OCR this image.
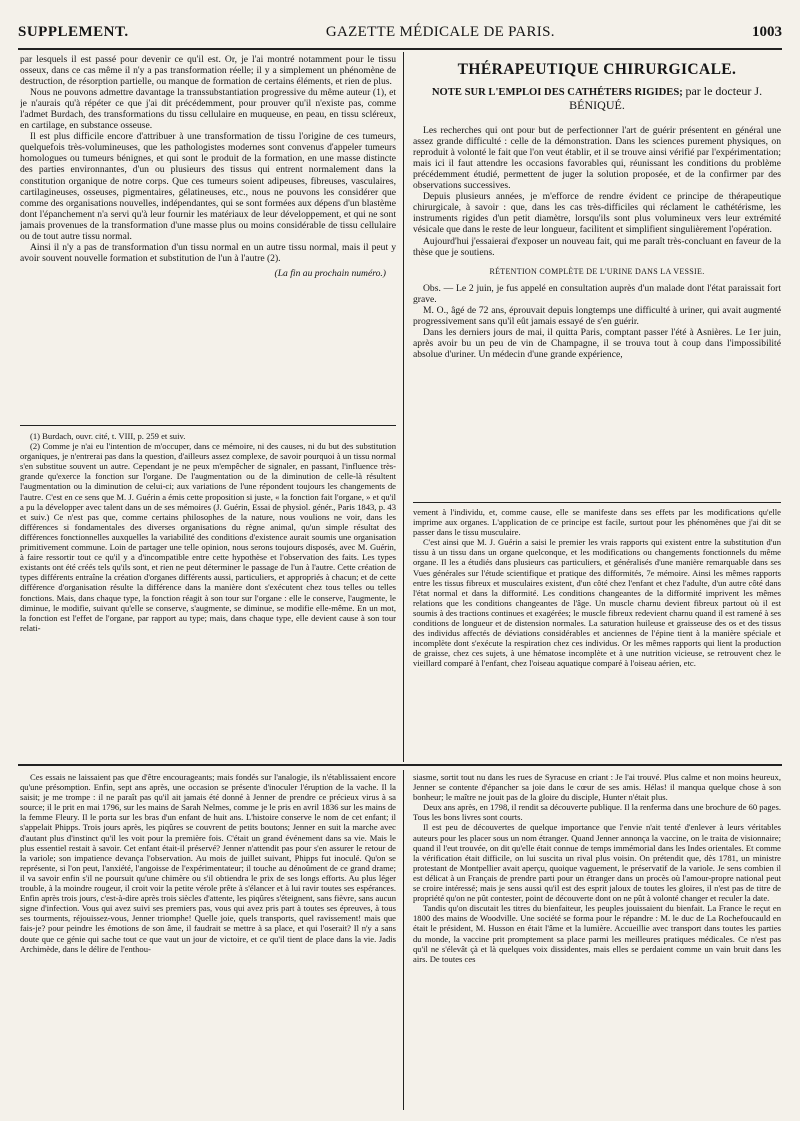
SUPPLEMENT.	GAZETTE MÉDICALE DE PARIS.	1003

par lesquels il est passé pour devenir ce qu'il est. Or, je l'ai montré notamment pour le tissu osseux, dans ce cas même il n'y a pas transformation réelle; il y a simplement un phénomène de destruction, de résorption partielle, ou manque de formation de certains éléments, et rien de plus.

Nous ne pouvons admettre davantage la transsubstantiation progressive du même auteur (1), et je n'aurais qu'à répéter ce que j'ai dit précédemment, pour prouver qu'il n'existe pas, comme l'admet Burdach, des transformations du tissu cellulaire en muqueuse, en peau, en tissu scléreux, en cartilage, en substance osseuse.

Il est plus difficile encore d'attribuer à une transformation de tissu l'origine de ces tumeurs, quelquefois très-volumineuses, que les pathologistes modernes sont convenus d'appeler tumeurs homologues ou tumeurs bénignes, et qui sont le produit de la formation, en une masse distincte des parties environnantes, d'un ou plusieurs des tissus qui entrent normalement dans la constitution organique de notre corps. Que ces tumeurs soient adipeuses, fibreuses, vasculaires, cartilagineuses, osseuses, pigmentaires, gélatineuses, etc., nous ne pouvons les considérer que comme des organisations nouvelles, indépendantes, qui se sont formées aux dépens d'un blastème dont l'épanchement n'a servi qu'à leur fournir les matériaux de leur développement, et qui ne sont jamais provenues de la transformation d'une masse plus ou moins considérable de tissu cellulaire ou de tout autre tissu normal.

Ainsi il n'y a pas de transformation d'un tissu normal en un autre tissu normal, mais il peut y avoir souvent nouvelle formation et substitution de l'un à l'autre (2).

(La fin au prochain numéro.)

(1) Burdach, ouvr. cité, t. VIII, p. 259 et suiv.

(2) Comme je n'ai eu l'intention de m'occuper, dans ce mémoire, ni des causes, ni du but des substitution organiques, je n'entrerai pas dans la question, d'ailleurs assez complexe, de savoir pourquoi à un tissu normal s'en substitue souvent un autre. Cependant je ne peux m'empêcher de signaler, en passant, l'influence très-grande qu'exerce la fonction sur l'organe. De l'augmentation ou de la diminution de celle-là résultent l'augmentation ou la diminution de celui-ci; aux variations de l'une répondent toujours les changements de l'autre. C'est en ce sens que M. J. Guérin a émis cette proposition si juste, « la fonction fait l'organe, » et qu'il a pu la développer avec talent dans un de ses mémoires (J. Guérin, Essai de physiol. génér., Paris 1843, p. 43 et suiv.) Ce n'est pas que, comme certains philosophes de la nature, nous voulions ne voir, dans les différences si fondamentales des diverses organisations du règne animal, qu'un simple résultat des différences fonctionnelles auxquelles la variabilité des conditions d'existence aurait soumis une organisation primitivement commune. Loin de partager une telle opinion, nous serons toujours disposés, avec M. Guérin, à faire ressortir tout ce qu'il y a d'incompatible entre cette hypothèse et l'observation des faits. Les types existants ont été créés tels qu'ils sont, et rien ne peut déterminer le passage de l'un à l'autre. Cette création de types différents entraîne la création d'organes différents aussi, particuliers, et appropriés à chacun; et de cette différence d'organisation résulte la différence dans la manière dont s'exécutent chez tous telles ou telles fonctions. Mais, dans chaque type, la fonction réagit à son tour sur l'organe : elle le conserve, l'augmente, le diminue, le modifie, suivant qu'elle se conserve, s'augmente, se diminue, se modifie elle-même. En un mot, la fonction est l'effet de l'organe, par rapport au type; mais, dans chaque type, elle devient cause à son tour relati-

THÉRAPEUTIQUE CHIRURGICALE.
NOTE SUR L'EMPLOI DES CATHÉTERS RIGIDES; par le docteur J. BÉNIQUÉ.

Les recherches qui ont pour but de perfectionner l'art de guérir présentent en général une assez grande difficulté : celle de la démonstration. Dans les sciences purement physiques, on reproduit à volonté le fait que l'on veut établir, et il se trouve ainsi vérifié par l'expérimentation; mais ici il faut attendre les occasions favorables qui, réunissant les conditions du problème précédemment étudié, permettent de juger la solution proposée, et de la confirmer par des observations successives.

Depuis plusieurs années, je m'efforce de rendre évident ce principe de thérapeutique chirurgicale, à savoir : que, dans les cas très-difficiles qui réclament le cathétérisme, les instruments rigides d'un petit diamètre, lorsqu'ils sont plus volumineux vers leur extrémité vésicale que dans le reste de leur longueur, facilitent et simplifient singulièrement l'opération.

Aujourd'hui j'essaierai d'exposer un nouveau fait, qui me paraît très-concluant en faveur de la thèse que je soutiens.

RÉTENTION COMPLÈTE DE L'URINE DANS LA VESSIE.

Obs. — Le 2 juin, je fus appelé en consultation auprès d'un malade dont l'état paraissait fort grave.

M. O., âgé de 72 ans, éprouvait depuis longtemps une difficulté à uriner, qui avait augmenté progressivement sans qu'il eût jamais essayé de s'en guérir.

Dans les derniers jours de mai, il quitta Paris, comptant passer l'été à Asnières. Le 1er juin, après avoir bu un peu de vin de Champagne, il se trouva tout à coup dans l'impossibilité absolue d'uriner. Un médecin d'une grande expérience,

vement à l'individu, et, comme cause, elle se manifeste dans ses effets par les modifications qu'elle imprime aux organes. L'application de ce principe est facile, surtout pour les phénomènes que j'ai dit se passer dans le tissu musculaire.

C'est ainsi que M. J. Guérin a saisi le premier les vrais rapports qui existent entre la substitution d'un tissu à un tissu dans un organe quelconque, et les modifications ou changements fonctionnels du même organe. Il les a étudiés dans plusieurs cas particuliers, et généralisés d'une manière remarquable dans ses Vues générales sur l'étude scientifique et pratique des difformités, 7e mémoire. Ainsi les mêmes rapports entre les tissus fibreux et musculaires existent, d'un côté chez l'enfant et chez l'adulte, d'un autre côté dans l'état normal et dans la difformité. Les conditions changeantes de la difformité imprivent les mêmes relations que les conditions changeantes de l'âge. Un muscle charnu devient fibreux partout où il est soumis à des tractions continues et exagérées; le muscle fibreux redevient charnu quand il est ramené à ses conditions de longueur et de distension normales. La saturation huileuse et graisseuse des os et des tissus des individus affectés de déviations considérables et anciennes de l'épine tient à la manière spéciale et incomplète dont s'exécute la respiration chez ces individus. Or les mêmes rapports qui lient la production de graisse, chez ces sujets, à une hématose incomplète et à une nutrition vicieuse, se retrouvent chez le vieillard comparé à l'enfant, chez l'oiseau aquatique comparé à l'oiseau aérien, etc.

Ces essais ne laissaient pas que d'être encourageants; mais fondés sur l'analogie, ils n'établissaient encore qu'une présomption. Enfin, sept ans après, une occasion se présente d'inoculer l'éruption de la vache. Il la saisit; je me trompe : il ne paraît pas qu'il ait jamais été donné à Jenner de prendre ce précieux virus à sa source; il le prit en mai 1796, sur les mains de Sarah Nelmes, comme je le pris en avril 1836 sur les mains de la femme Fleury. Il le porta sur les bras d'un enfant de huit ans. L'histoire conserve le nom de cet enfant; il s'appelait Phipps. Trois jours après, les piqûres se couvrent de petits boutons; Jenner en suit la marche avec d'autant plus d'instinct qu'il les voit pour la première fois. C'était un grand événement dans sa vie. Mais le plus essentiel restait à savoir. Cet enfant était-il préservé? Jenner n'attendit pas pour s'en assurer le retour de la variole; son impatience devança l'observation. Au mois de juillet suivant, Phipps fut inoculé. Qu'on se représente, si l'on peut, l'anxiété, l'angoisse de l'expérimentateur; il touche au dénoûment de ce grand drame; il va savoir enfin s'il ne poursuit qu'une chimère ou s'il obtiendra le prix de ses longs efforts. Au plus léger trouble, à la moindre rougeur, il croit voir la petite vérole prête à s'élancer et à lui ravir toutes ses espérances. Enfin après trois jours, c'est-à-dire après trois siècles d'attente, les piqûres s'éteignent, sans fièvre, sans aucun signe d'infection. Vous qui avez suivi ses premiers pas, vous qui avez pris part à toutes ses épreuves, à tous ses tourments, réjouissez-vous, Jenner triomphe! Quelle joie, quels transports, quel ravissement! mais que fais-je? pour peindre les émotions de son âme, il faudrait se mettre à sa place, et qui l'oserait? Il n'y a sans doute que ce génie qui sache tout ce que vaut un jour de victoire, et ce qu'il tient de place dans la vie. Jadis Archimède, dans le délire de l'enthou-

siasme, sortit tout nu dans les rues de Syracuse en criant : Je l'ai trouvé. Plus calme et non moins heureux, Jenner se contente d'épancher sa joie dans le cœur de ses amis. Hélas! il manqua quelque chose à son bonheur; le maître ne jouit pas de la gloire du disciple, Hunter n'était plus.

Deux ans après, en 1798, il rendit sa découverte publique. Il la renferma dans une brochure de 60 pages. Tous les bons livres sont courts.

Il est peu de découvertes de quelque importance que l'envie n'ait tenté d'enlever à leurs véritables auteurs pour les placer sous un nom étranger. Quand Jenner annonça la vaccine, on le traita de visionnaire; quand il l'eut trouvée, on dit qu'elle était connue de temps immémorial dans les Indes orientales. Et comme la vérification était difficile, on lui suscita un rival plus voisin. On prétendit que, dès 1781, un ministre protestant de Montpellier avait aperçu, quoique vaguement, le préservatif de la variole. Je sens combien il est délicat à un Français de prendre parti pour un étranger dans un procès où l'amour-propre national peut se croire intéressé; mais je sens aussi qu'il est des esprit jaloux de toutes les gloires, il n'est pas de titre de propriété qu'on ne pût contester, point de découverte dont on ne pût à volonté changer et reculer la date.

Tandis qu'on discutait les titres du bienfaiteur, les peuples jouissaient du bienfait. La France le reçut en 1800 des mains de Woodville. Une société se forma pour le répandre : M. le duc de La Rochefoucauld en était le président, M. Husson en était l'âme et la lumière. Accueillie avec transport dans toutes les parties du monde, la vaccine prit promptement sa place parmi les meilleures pratiques médicales. Ce n'est pas qu'il ne s'élevât çà et là quelques voix dissidentes, mais elles se perdaient comme un vain bruit dans les airs. De toutes ces
